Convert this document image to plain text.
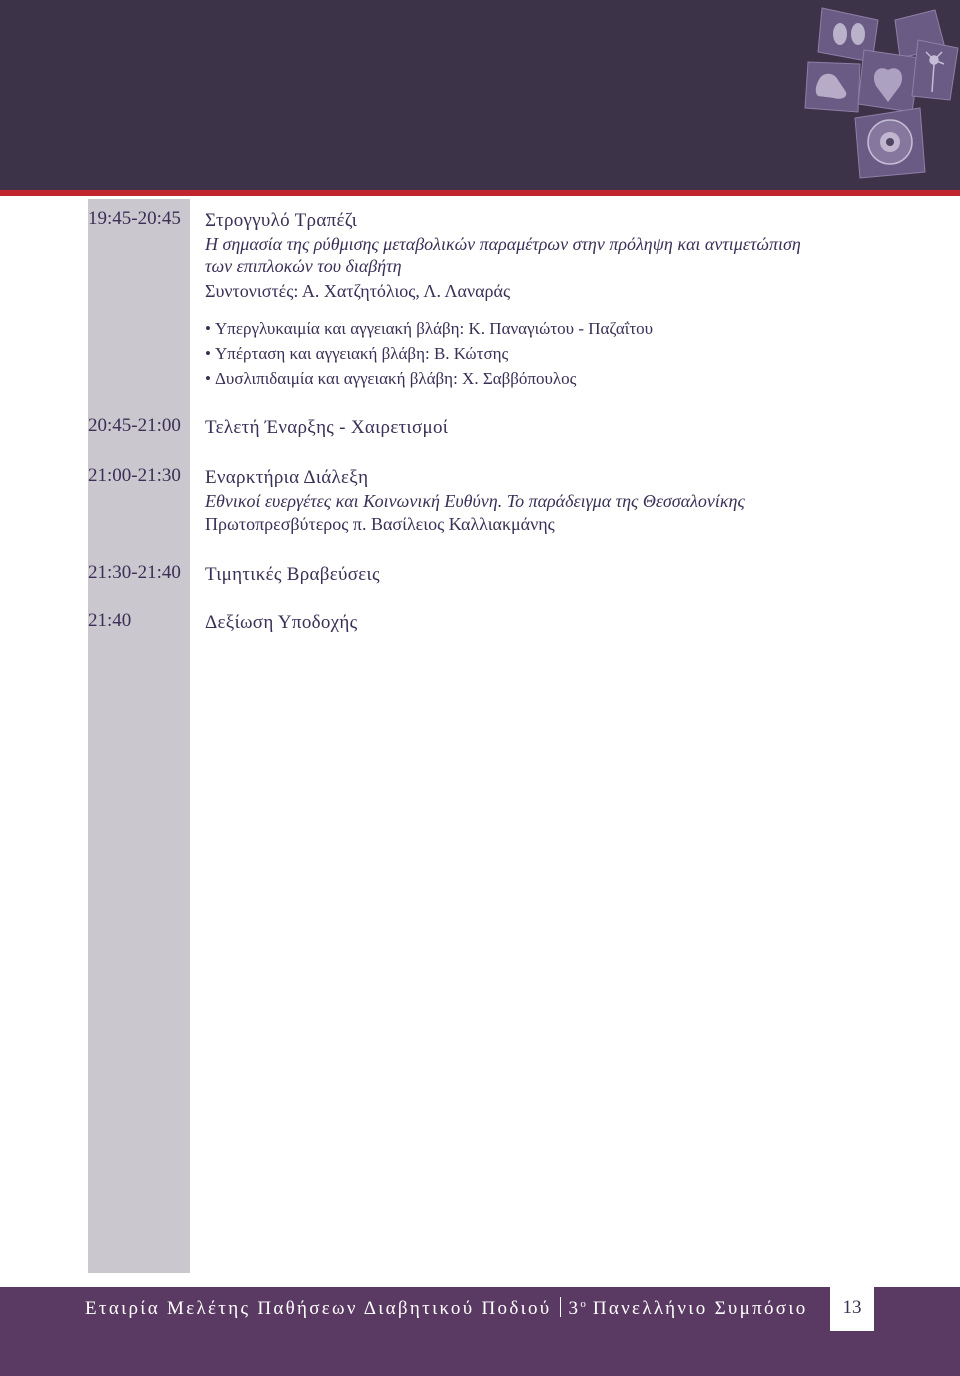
19:45-20:45	Στρογγυλό Τραπέζι
Η σημασία της ρύθμισης μεταβολικών παραμέτρων στην πρόληψη και αντιμετώπιση
των επιπλοκών του διαβήτη
Συντονιστές: Α. Χατζητόλιος, Λ. Λαναράς
• Υπεργλυκαιμία και αγγειακή βλάβη: Κ. Παναγιώτου - Παζαΐτου
• Υπέρταση και αγγειακή βλάβη: Β. Κώτσης
• Δυσλιπιδαιμία και αγγειακή βλάβη: Χ. Σαββόπουλος
20:45-21:00	Τελετή Έναρξης - Χαιρετισμοί
21:00-21:30	Εναρκτήρια Διάλεξη
Εθνικοί ευεργέτες και Κοινωνική Ευθύνη. Το παράδειγμα της Θεσσαλονίκης
Πρωτοπρεσβύτερος π. Βασίλειος Καλλιακμάνης
21:30-21:40	Τιμητικές Βραβεύσεις
21:40	Δεξίωση Υποδοχής
Εταιρία Μελέτης Παθήσεων Διαβητικού Ποδιού 3$^o$ Πανελλήνιο Συμπόσιο	13
